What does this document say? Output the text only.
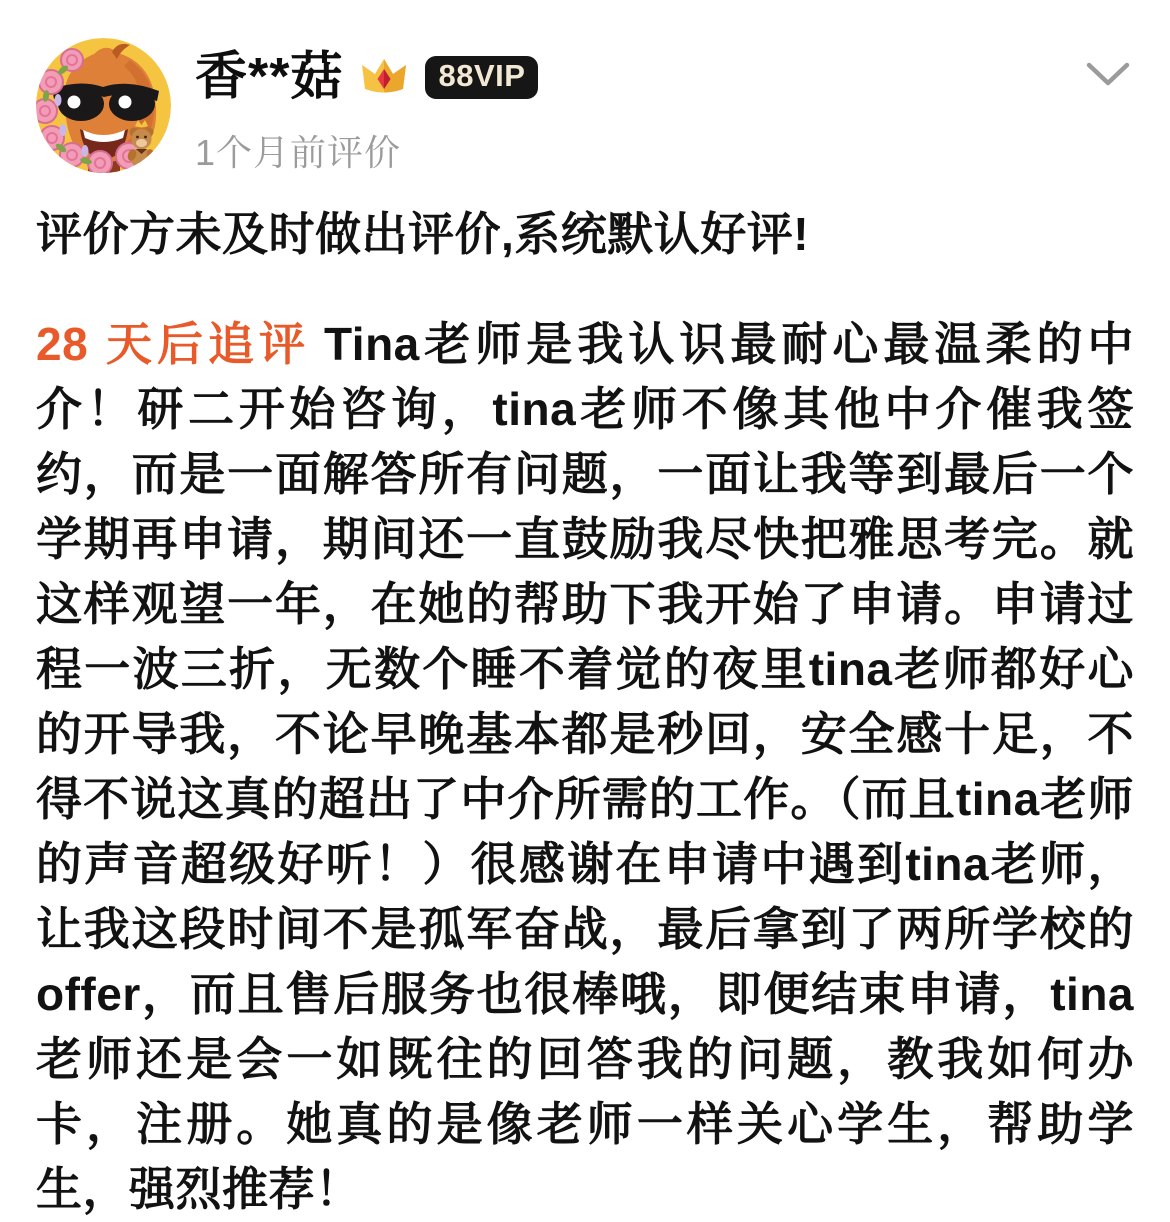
香**菇	88VIP
1个月前评价

评价方未及时做出评价,系统默认好评!

28 天后追评 Tina老师是我认识最耐心最温柔的中介！研二开始咨询，tina老师不像其他中介催我签约，而是一面解答所有问题，一面让我等到最后一个学期再申请，期间还一直鼓励我尽快把雅思考完。就这样观望一年，在她的帮助下我开始了申请。申请过程一波三折，无数个睡不着觉的夜里tina老师都好心的开导我，不论早晚基本都是秒回，安全感十足，不得不说这真的超出了中介所需的工作。（而且tina老师的声音超级好听！）很感谢在申请中遇到tina老师，让我这段时间不是孤军奋战，最后拿到了两所学校的offer，而且售后服务也很棒哦，即便结束申请，tina老师还是会一如既往的回答我的问题，教我如何办卡，注册。她真的是像老师一样关心学生，帮助学生，强烈推荐！
